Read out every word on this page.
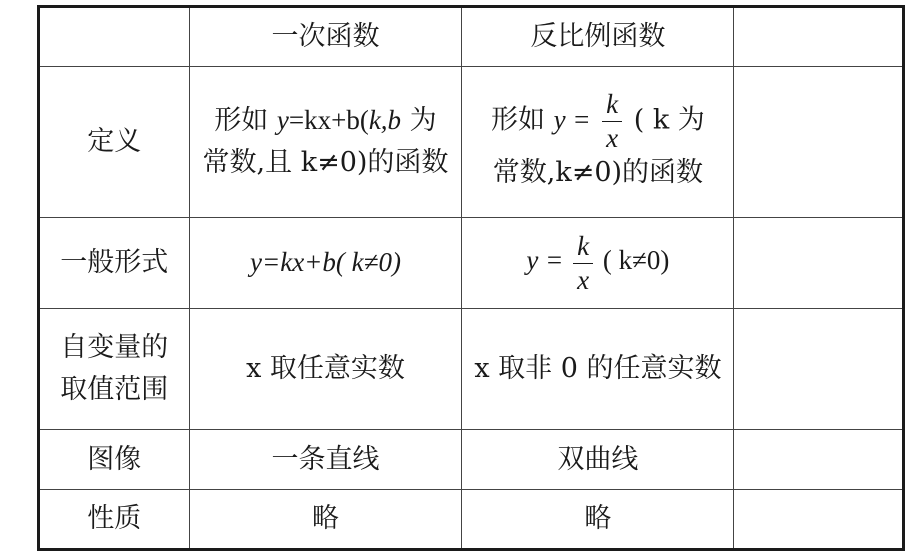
	一次函数	反比例函数	
定义	形如 y=kx+b(k,b 为
常数,且 k≠0)的函数	形如 $y = \frac{k}{x}$ ( k 为
常数,k≠0)的函数	

一般形式	y=kx+b( k≠0)	$y = \frac{k}{x}$ ( k≠0)	

自变量的
取值范围	x 取任意实数	x 取非 0 的任意实数	
图像	一条直线	双曲线	
性质	略	略	
